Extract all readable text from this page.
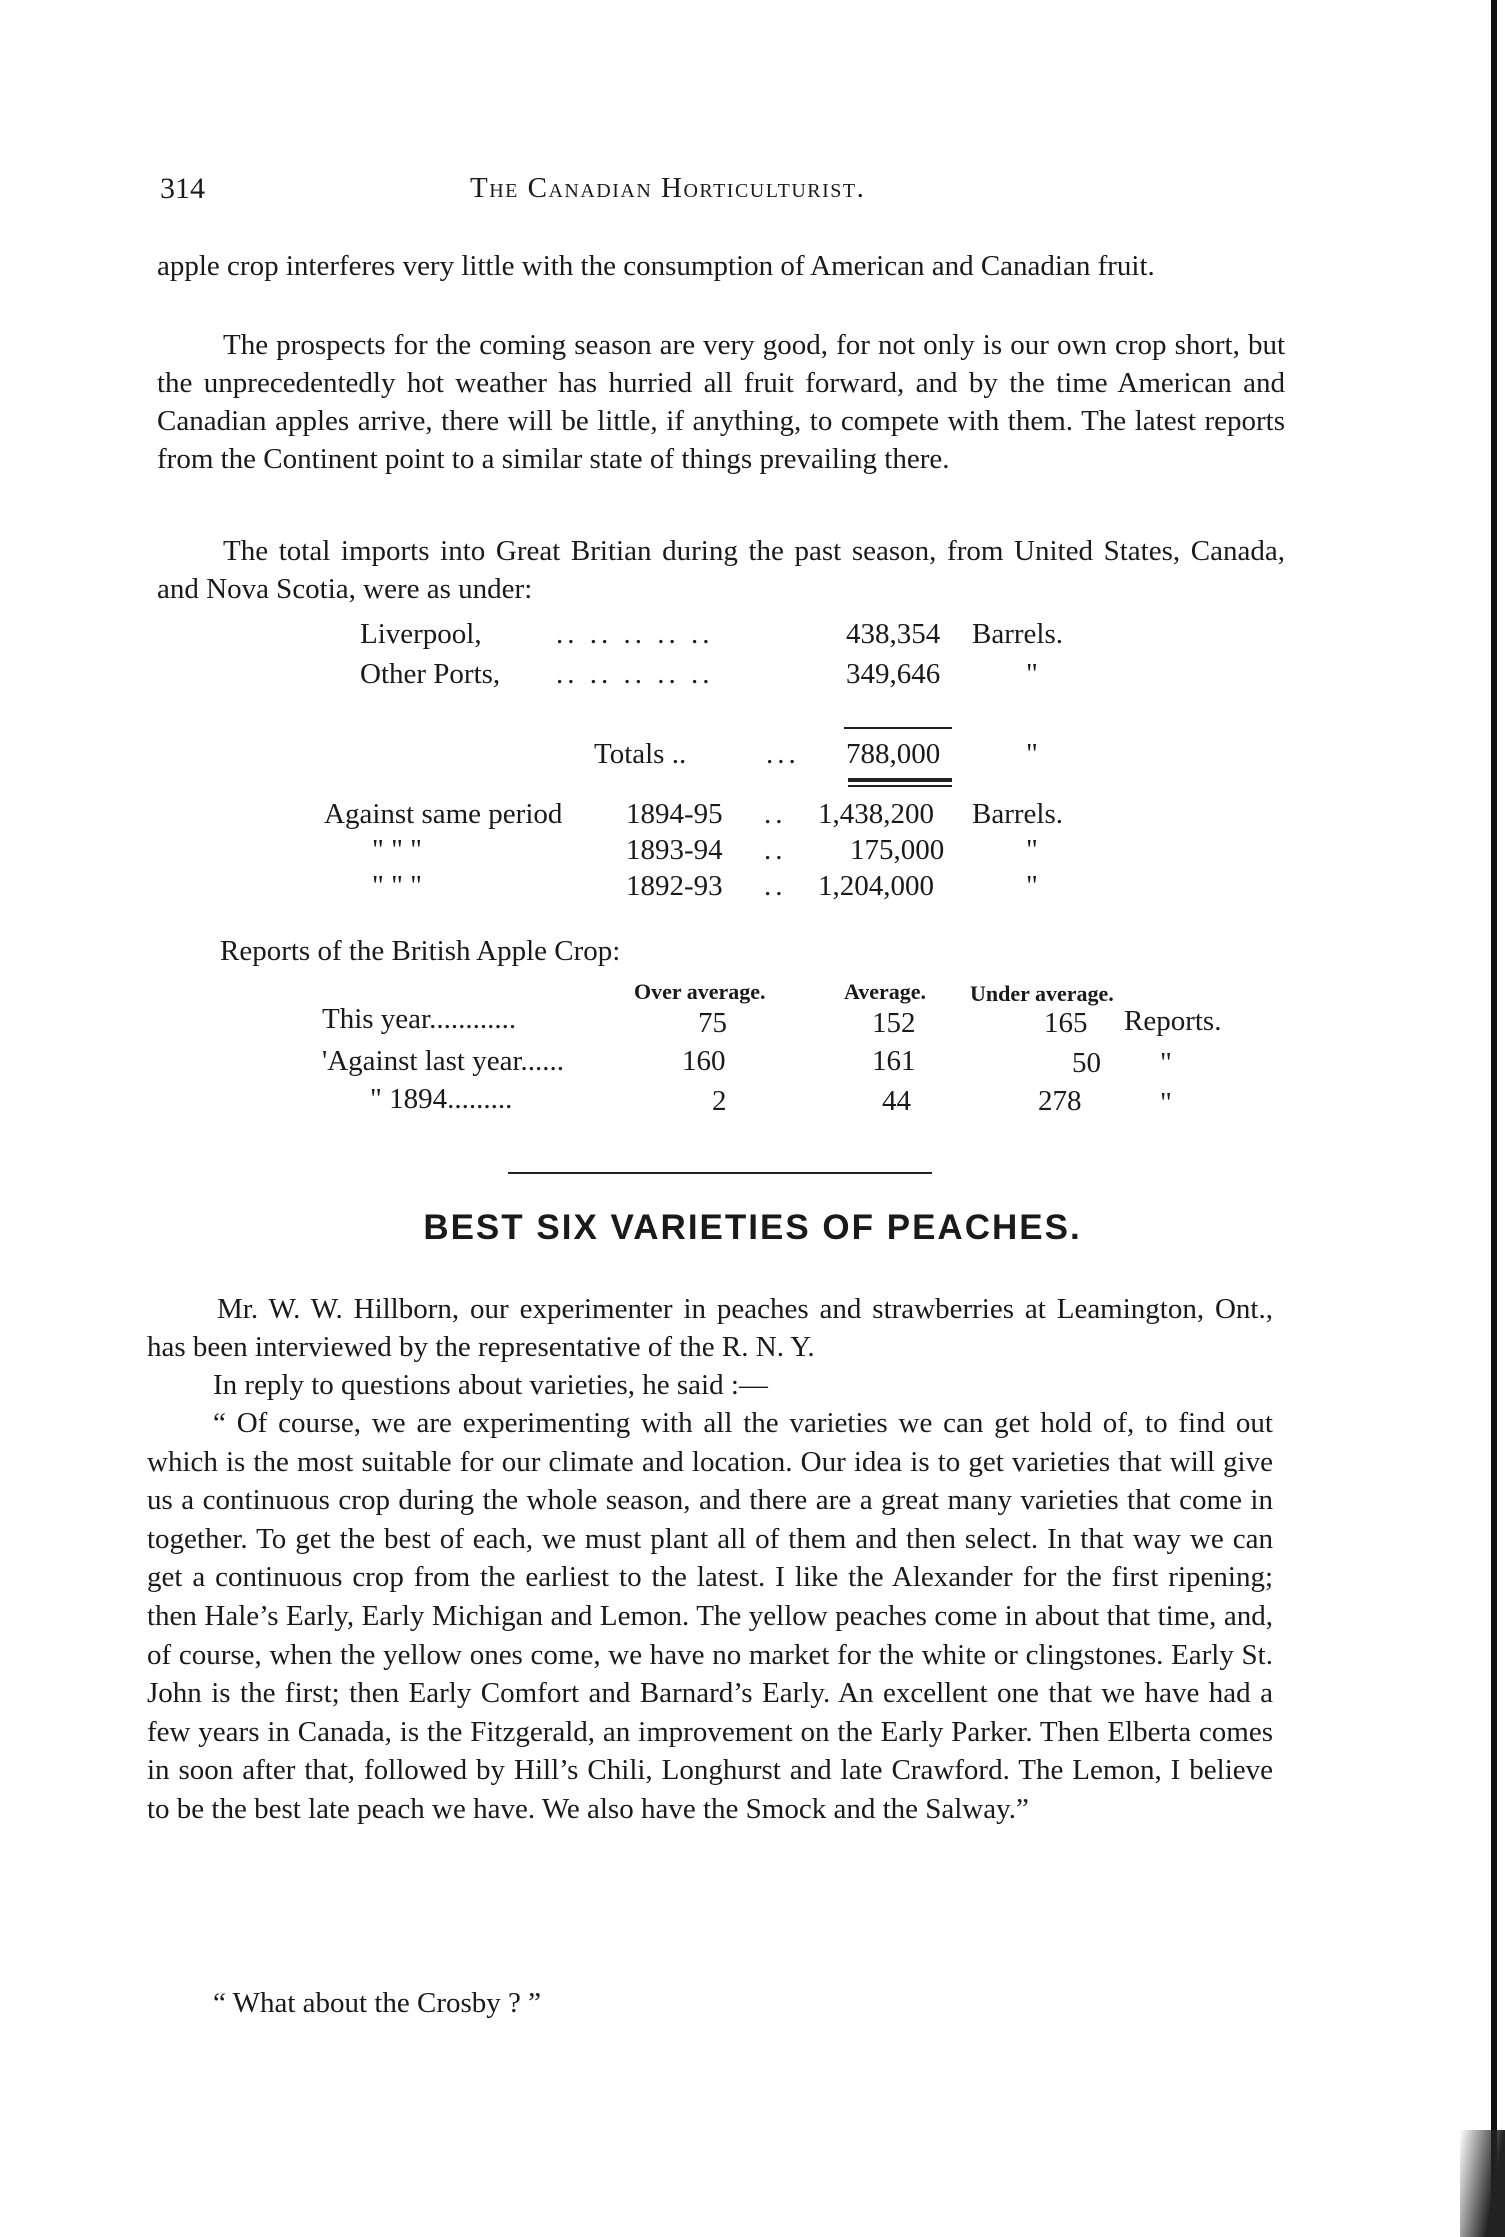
314	The Canadian Horticulturist.

apple crop interferes very little with the consumption of American and Canadian fruit.

The prospects for the coming season are very good, for not only is our own crop short, but the unprecedentedly hot weather has hurried all fruit forward, and by the time American and Canadian apples arrive, there will be little, if anything, to compete with them. The latest reports from the Continent point to a similar state of things prevailing there.

The total imports into Great Britian during the past season, from United States, Canada, and Nova Scotia, were as under:

Liverpool,	.. .. .. .. ..	438,354 Barrels.
Other Ports, .. .. .. .. ..	349,646	"
Totals ..	... 788,000	"
Against same period 1894-95 .. 1,438,200 Barrels.
" " "	1893-94 .. 175,000	"
" " "	1892-93 .. 1,204,000	"
Reports of the British Apple Crop:
Over average.	Average. Under average.
This year............	75	152	165 Reports.
'Against last year......	160	161	50 "
" 1894.........	2	44	278	"
BEST SIX VARIETIES OF PEACHES.

Mr. W. W. Hillborn, our experimenter in peaches and strawberries at Leamington, Ont., has been interviewed by the representative of the R. N. Y.

In reply to questions about varieties, he said :—

“ Of course, we are experimenting with all the varieties we can get hold of, to find out which is the most suitable for our climate and location. Our idea is to get varieties that will give us a continuous crop during the whole season, and there are a great many varieties that come in together. To get the best of each, we must plant all of them and then select. In that way we can get a continuous crop from the earliest to the latest. I like the Alexander for the first ripening; then Hale’s Early, Early Michigan and Lemon. The yellow peaches come in about that time, and, of course, when the yellow ones come, we have no market for the white or clingstones. Early St. John is the first; then Early Comfort and Barnard’s Early. An excellent one that we have had a few years in Canada, is the Fitzgerald, an improvement on the Early Parker. Then Elberta comes in soon after that, followed by Hill’s Chili, Longhurst and late Crawford. The Lemon, I believe to be the best late peach we have. We also have the Smock and the Salway.”

“ What about the Crosby ? ”
